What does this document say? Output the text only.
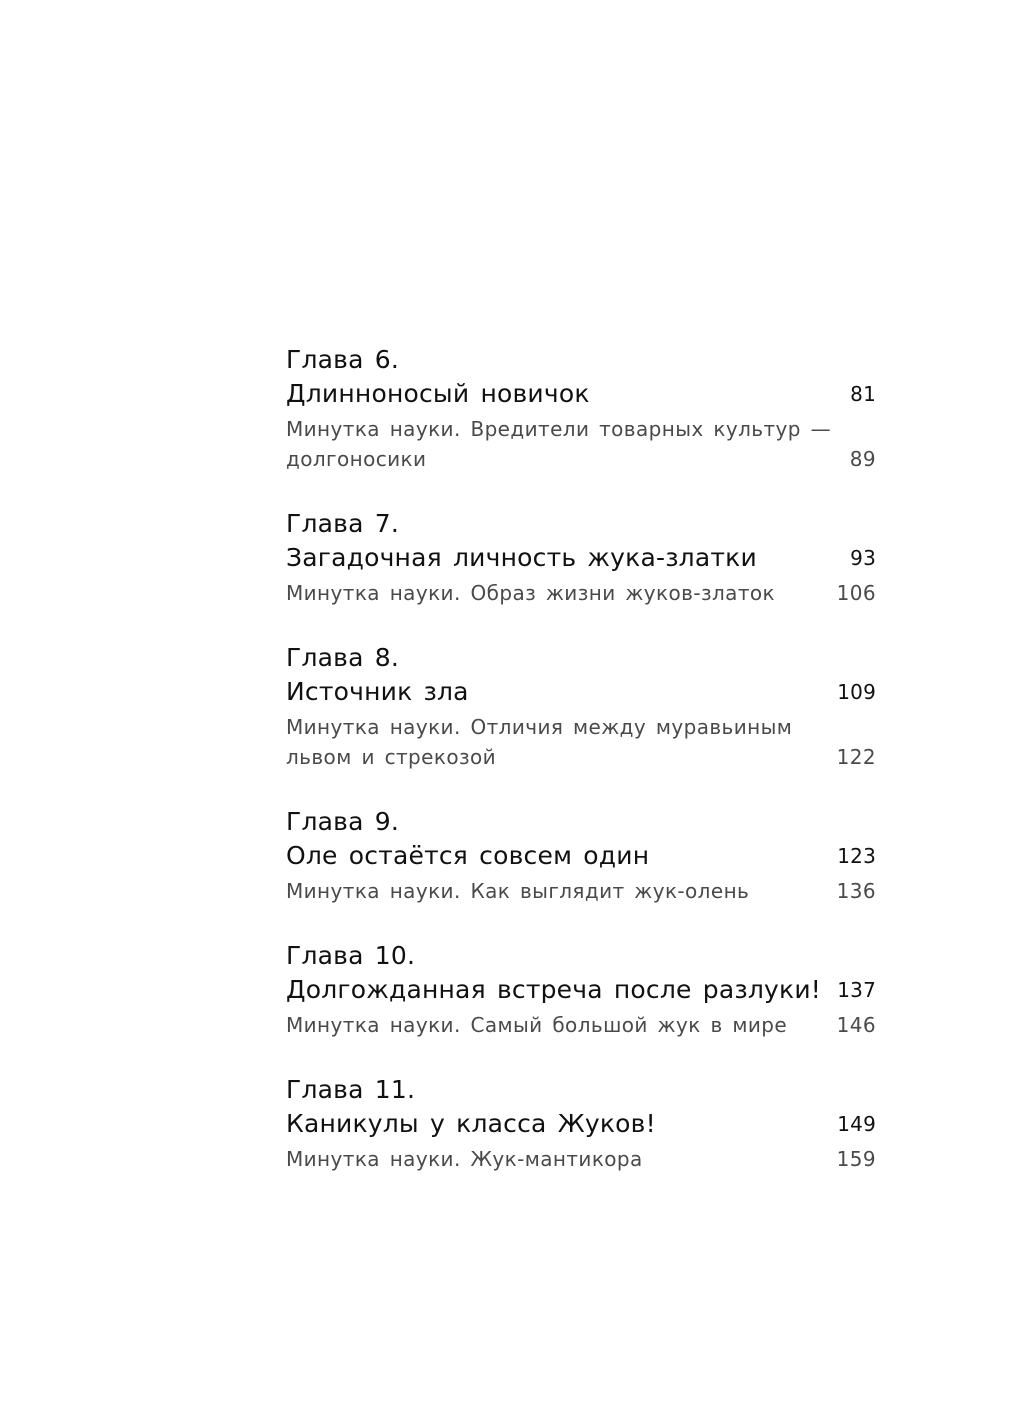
Глава 6.
Длинноносый новичок	81
Минутка науки. Вредители товарных культур —
долгоносики	89
Глава 7.
Загадочная личность жука-златки	93
Минутка науки. Образ жизни жуков-златок	106
Глава 8.
Источник зла	109
Минутка науки. Отличия между муравьиным
львом и стрекозой	122
Глава 9.
Оле остаётся совсем один	123
Минутка науки. Как выглядит жук-олень	136
Глава 10.
Долгожданная встреча после разлуки! 137
Минутка науки. Самый большой жук в мире	146
Глава 11.
Каникулы у класса Жуков!	149
Минутка науки. Жук-мантикора	159
